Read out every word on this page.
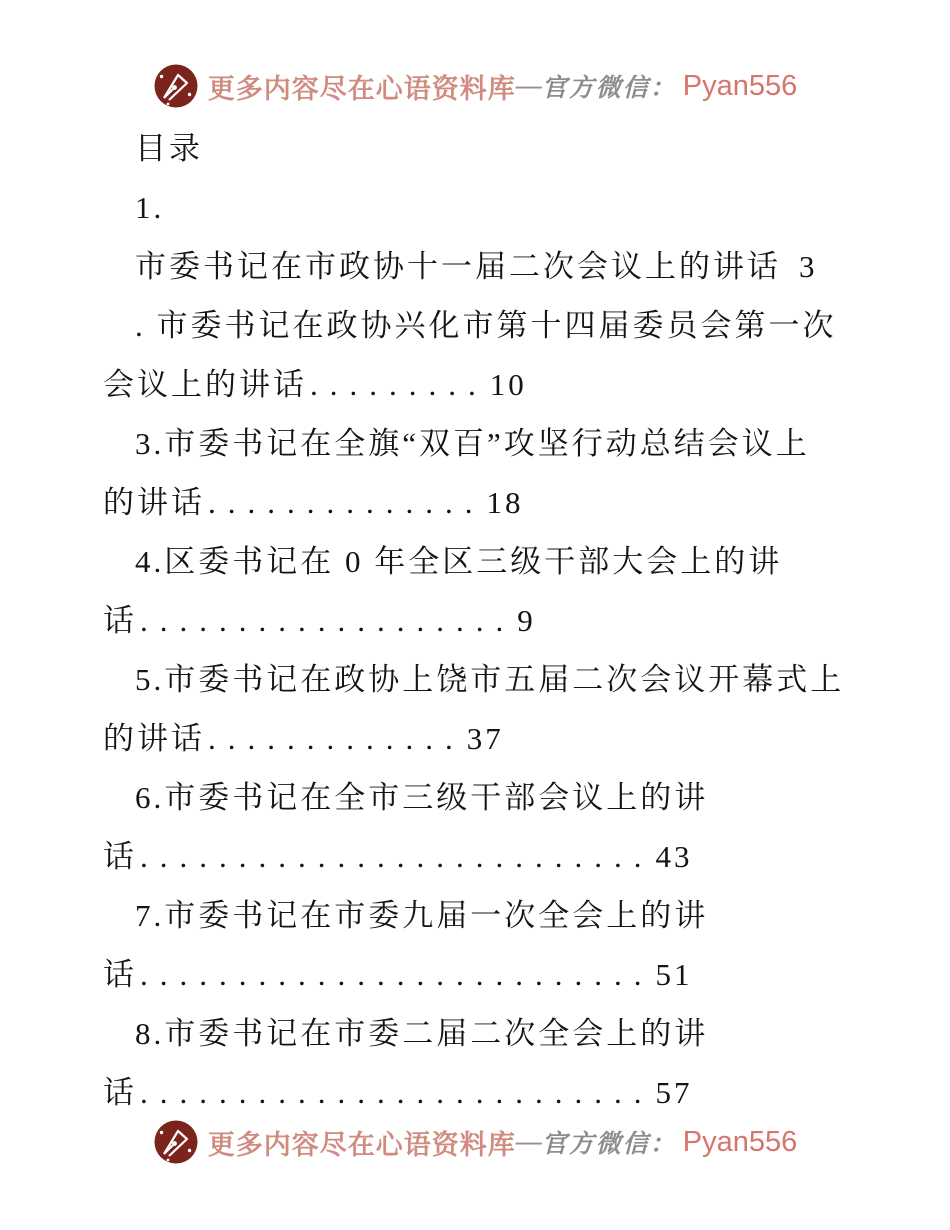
更多内容尽在心语资料库 — 官方微信： Pyan556
目录
1.
市委书记在市政协十一届二次会议上的讲话 3
. 市委书记在政协兴化市第十四届委员会第一次
会议上的讲话.........10
3.市委书记在全旗“双百”攻坚行动总结会议上
的讲话..............18
4.区委书记在 0 年全区三级干部大会上的讲
话...................9
5.市委书记在政协上饶市五届二次会议开幕式上
的讲话.............37
6.市委书记在全市三级干部会议上的讲
话..........................43
7.市委书记在市委九届一次全会上的讲
话..........................51
8.市委书记在市委二届二次全会上的讲
话..........................57
更多内容尽在心语资料库 — 官方微信： Pyan556
